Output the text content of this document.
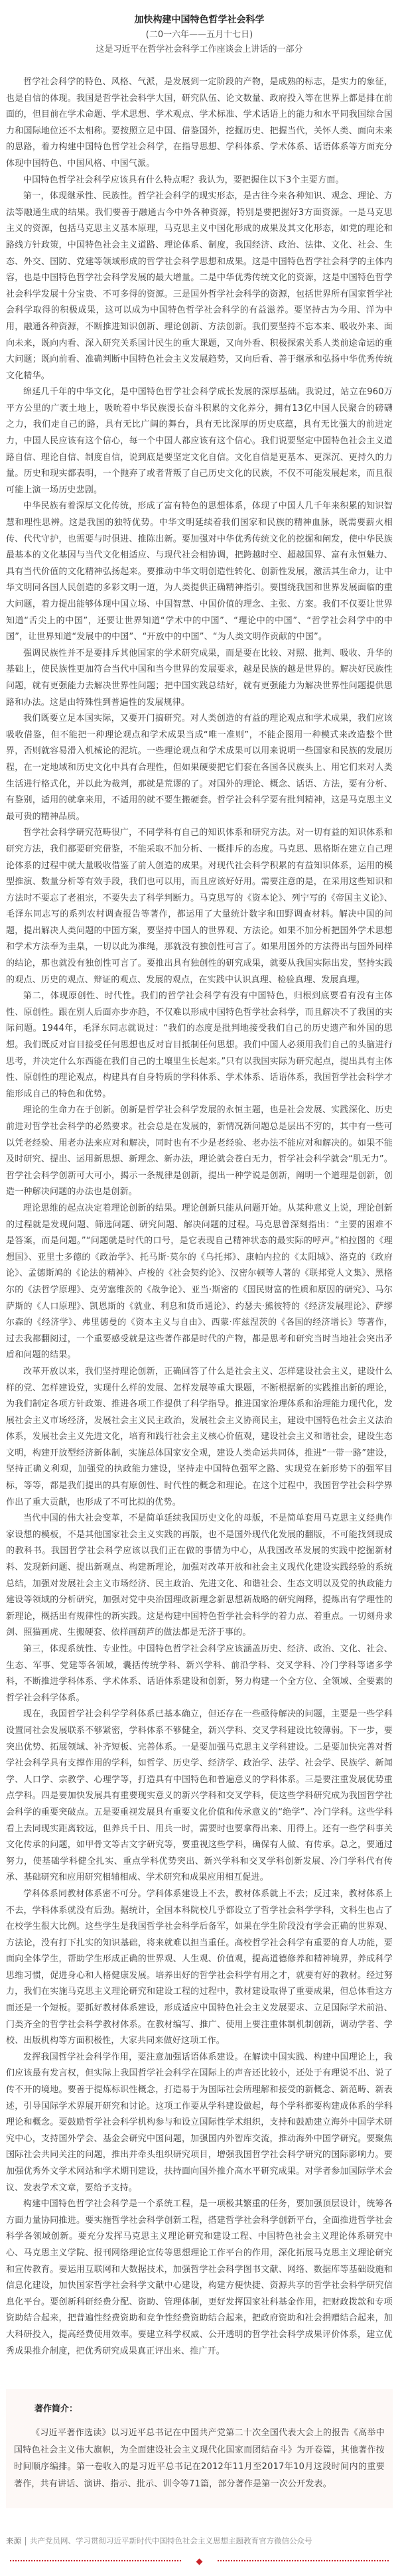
加快构建中国特色哲学社会科学
(二0一六年——五月十七日)
这是习近平在哲学社会科学工作座谈会上讲话的一部分

哲学社会科学的特色、风格、气派，是发展到一定阶段的产物，是成熟的标志，是实力的象征，也是自信的体现。我国是哲学社会科学大国，研究队伍、论文数量、政府投入等在世界上都是排在前面的，但目前在学术命题、学术思想、学术观点、学术标准、学术话语上的能力和水平同我国综合国力和国际地位还不太相称。要按照立足中国、借鉴国外，挖掘历史、把握当代，关怀人类、面向未来的思路，着力构建中国特色哲学社会科学，在指导思想、学科体系、学术体系、话语体系等方面充分体现中国特色、中国风格、中国气派。

中国特色哲学社会科学应该具有什么特点呢？我认为，要把握住以下3个主要方面。

第一，体现继承性、民族性。哲学社会科学的现实形态，是古往今来各种知识、观念、理论、方法等融通生成的结果。我们要善于融通古今中外各种资源，特别是要把握好3方面资源。一是马克思主义的资源，包括马克思主义基本原理，马克思主义中国化形成的成果及其文化形态，如党的理论和路线方针政策，中国特色社会主义道路、理论体系、制度，我国经济、政治、法律、文化、社会、生态、外交、国防、党建等领域形成的哲学社会科学思想和成果。这是中国特色哲学社会科学的主体内容，也是中国特色哲学社会科学发展的最大增量。二是中华优秀传统文化的资源，这是中国特色哲学社会科学发展十分宝贵、不可多得的资源。三是国外哲学社会科学的资源，包括世界所有国家哲学社会科学取得的积极成果，这可以成为中国特色哲学社会科学的有益滋养。要坚持古为今用、洋为中用，融通各种资源，不断推进知识创新、理论创新、方法创新。我们要坚持不忘本来、吸收外来、面向未来，既向内看、深入研究关系国计民生的重大课题，又向外看、积极探索关系人类前途命运的重大问题；既向前看、准确判断中国特色社会主义发展趋势，又向后看、善于继承和弘扬中华优秀传统文化精华。

绵延几千年的中华文化，是中国特色哲学社会科学成长发展的深厚基础。我说过，站立在960万平方公里的广袤土地上，吸吮着中华民族漫长奋斗积累的文化养分，拥有13亿中国人民聚合的磅礴之力，我们走自己的路，具有无比广阔的舞台，具有无比深厚的历史底蕴，具有无比强大的前进定力，中国人民应该有这个信心，每一个中国人都应该有这个信心。我们说要坚定中国特色社会主义道路自信、理论自信、制度自信，说到底是要坚定文化自信。文化自信是更基本、更深沉、更持久的力量。历史和现实都表明，一个抛弃了或者背叛了自己历史文化的民族，不仅不可能发展起来，而且很可能上演一场历史悲剧。

中华民族有着深厚文化传统，形成了富有特色的思想体系，体现了中国人几千年来积累的知识智慧和理性思辨。这是我国的独特优势。中华文明延续着我们国家和民族的精神血脉，既需要薪火相传、代代守护，也需要与时俱进、推陈出新。要加强对中华优秀传统文化的挖掘和阐发，使中华民族最基本的文化基因与当代文化相适应、与现代社会相协调，把跨越时空、超越国界、富有永恒魅力、具有当代价值的文化精神弘扬起来。要推动中华文明创造性转化、创新性发展，激活其生命力，让中华文明同各国人民创造的多彩文明一道，为人类提供正确精神指引。要围绕我国和世界发展面临的重大问题，着力提出能够体现中国立场、中国智慧、中国价值的理念、主张、方案。我们不仅要让世界知道“舌尖上的中国”，还要让世界知道“学术中的中国”、“理论中的中国”、“哲学社会科学中的中国”，让世界知道“发展中的中国”、“开放中的中国”、“为人类文明作贡献的中国”。

强调民族性并不是要排斥其他国家的学术研究成果，而是要在比较、对照、批判、吸收、升华的基础上，使民族性更加符合当代中国和当今世界的发展要求，越是民族的越是世界的。解决好民族性问题，就有更强能力去解决世界性问题；把中国实践总结好，就有更强能力为解决世界性问题提供思路和办法。这是由特殊性到普遍性的发展规律。

我们既要立足本国实际，又要开门搞研究。对人类创造的有益的理论观点和学术成果，我们应该吸收借鉴，但不能把一种理论观点和学术成果当成“唯一准则”，不能企图用一种模式来改造整个世界，否则就容易滑入机械论的泥坑。一些理论观点和学术成果可以用来说明一些国家和民族的发展历程，在一定地域和历史文化中具有合理性，但如果硬要把它们套在各国各民族头上、用它们来对人类生活进行格式化，并以此为裁判，那就是荒谬的了。对国外的理论、概念、话语、方法，要有分析、有鉴别，适用的就拿来用，不适用的就不要生搬硬套。哲学社会科学要有批判精神，这是马克思主义最可贵的精神品质。

哲学社会科学研究范畴很广，不同学科有自己的知识体系和研究方法。对一切有益的知识体系和研究方法，我们都要研究借鉴，不能采取不加分析、一概排斥的态度。马克思、恩格斯在建立自己理论体系的过程中就大量吸收借鉴了前人创造的成果。对现代社会科学积累的有益知识体系，运用的模型推演、数量分析等有效手段，我们也可以用，而且应该好好用。需要注意的是，在采用这些知识和方法时不要忘了老祖宗，不要失去了科学判断力。马克思写的《资本论》、列宁写的《帝国主义论》、毛泽东同志写的系列农村调查报告等著作，都运用了大量统计数字和田野调查材料。解决中国的问题，提出解决人类问题的中国方案，要坚持中国人的世界观、方法论。如果不加分析把国外学术思想和学术方法奉为圭臬，一切以此为准绳，那就没有独创性可言了。如果用国外的方法得出与国外同样的结论，那也就没有独创性可言了。要推出具有独创性的研究成果，就要从我国实际出发，坚持实践的观点、历史的观点、辩证的观点、发展的观点，在实践中认识真理、检验真理、发展真理。

第二，体现原创性、时代性。我们的哲学社会科学有没有中国特色，归根到底要看有没有主体性、原创性。跟在别人后面亦步亦趋，不仅难以形成中国特色哲学社会科学，而且解决不了我国的实际问题。1944年，毛泽东同志就说过：“我们的态度是批判地接受我们自己的历史遗产和外国的思想。我们既反对盲目接受任何思想也反对盲目抵制任何思想。我们中国人必须用我们自己的头脑进行思考，并决定什么东西能在我们自己的土壤里生长起来。”只有以我国实际为研究起点，提出具有主体性、原创性的理论观点，构建具有自身特质的学科体系、学术体系、话语体系，我国哲学社会科学才能形成自己的特色和优势。

理论的生命力在于创新。创新是哲学社会科学发展的永恒主题，也是社会发展、实践深化、历史前进对哲学社会科学的必然要求。社会总是在发展的，新情况新问题总是层出不穷的，其中有一些可以凭老经验、用老办法来应对和解决，同时也有不少是老经验、老办法不能应对和解决的。如果不能及时研究、提出、运用新思想、新理念、新办法，理论就会苍白无力，哲学社会科学就会“肌无力”。哲学社会科学创新可大可小，揭示一条规律是创新，提出一种学说是创新，阐明一个道理是创新，创造一种解决问题的办法也是创新。

理论思维的起点决定着理论创新的结果。理论创新只能从问题开始。从某种意义上说，理论创新的过程就是发现问题、筛选问题、研究问题、解决问题的过程。马克思曾深刻指出：“主要的困难不是答案，而是问题。”“问题就是时代的口号，是它表现自己精神状态的最实际的呼声。”柏拉图的《理想国》、亚里士多德的《政治学》、托马斯·莫尔的《乌托邦》、康帕内拉的《太阳城》、洛克的《政府论》、孟德斯鸠的《论法的精神》、卢梭的《社会契约论》、汉密尔顿等人著的《联邦党人文集》、黑格尔的《法哲学原理》、克劳塞维茨的《战争论》、亚当·斯密的《国民财富的性质和原因的研究》、马尔萨斯的《人口原理》、凯恩斯的《就业、利息和货币通论》、约瑟夫·熊彼特的《经济发展理论》、萨缪尔森的《经济学》、弗里德曼的《资本主义与自由》、西蒙·库兹涅茨的《各国的经济增长》等著作，过去我都翻阅过，一个重要感受就是这些著作都是时代的产物，都是思考和研究当时当地社会突出矛盾和问题的结果。

改革开放以来，我们坚持理论创新，正确回答了什么是社会主义、怎样建设社会主义，建设什么样的党、怎样建设党，实现什么样的发展、怎样发展等重大课题，不断根据新的实践推出新的理论，为我们制定各项方针政策、推进各项工作提供了科学指导。推进国家治理体系和治理能力现代化，发展社会主义市场经济，发展社会主义民主政治，发展社会主义协商民主，建设中国特色社会主义法治体系，发展社会主义先进文化，培育和践行社会主义核心价值观，建设社会主义和谐社会，建设生态文明，构建开放型经济新体制，实施总体国家安全观，建设人类命运共同体，推进“一带一路”建设，坚持正确义利观，加强党的执政能力建设，坚持走中国特色强军之路、实现党在新形势下的强军目标，等等，都是我们提出的具有原创性、时代性的概念和理论。在这个过程中，我国哲学社会科学界作出了重大贡献，也形成了不可比拟的优势。

当代中国的伟大社会变革，不是简单延续我国历史文化的母版，不是简单套用马克思主义经典作家设想的模板，不是其他国家社会主义实践的再版，也不是国外现代化发展的翻版，不可能找到现成的教科书。我国哲学社会科学应该以我们正在做的事情为中心，从我国改革发展的实践中挖掘新材料、发现新问题、提出新观点、构建新理论，加强对改革开放和社会主义现代化建设实践经验的系统总结，加强对发展社会主义市场经济、民主政治、先进文化、和谐社会、生态文明以及党的执政能力建设等领域的分析研究，加强对党中央治国理政新理念新思想新战略的研究阐释，提炼出有学理性的新理论，概括出有规律性的新实践。这是构建中国特色哲学社会科学的着力点、着重点。一切刻舟求剑、照猫画虎、生搬硬套、依样画葫芦的做法都是无济于事的。

第三，体现系统性、专业性。中国特色哲学社会科学应该涵盖历史、经济、政治、文化、社会、生态、军事、党建等各领域，囊括传统学科、新兴学科、前沿学科、交叉学科、冷门学科等诸多学科，不断推进学科体系、学术体系、话语体系建设和创新，努力构建一个全方位、全领域、全要素的哲学社会科学体系。

现在，我国哲学社会科学学科体系已基本确立，但还存在一些亟待解决的问题，主要是一些学科设置同社会发展联系不够紧密，学科体系不够健全，新兴学科、交叉学科建设比较薄弱。下一步，要突出优势、拓展领域、补齐短板、完善体系。一是要加强马克思主义学科建设。二是要加快完善对哲学社会科学具有支撑作用的学科，如哲学、历史学、经济学、政治学、法学、社会学、民族学、新闻学、人口学、宗教学、心理学等，打造具有中国特色和普遍意义的学科体系。三是要注重发展优势重点学科。四是要加快发展具有重要现实意义的新兴学科和交叉学科，使这些学科研究成为我国哲学社会科学的重要突破点。五是要重视发展具有重要文化价值和传承意义的“绝学”、冷门学科。这些学科看上去同现实距离较远，但养兵千日、用兵一时，需要时也要拿得出来、用得上。还有一些学科事关文化传承的问题，如甲骨文等古文字研究等，要重视这些学科，确保有人做、有传承。总之，要通过努力，使基础学科健全扎实、重点学科优势突出、新兴学科和交叉学科创新发展、冷门学科代有传承、基础研究和应用研究相辅相成、学术研究和成果应用相互促进。

学科体系同教材体系密不可分。学科体系建设上不去，教材体系就上不去；反过来，教材体系上不去，学科体系就没有后劲。据统计，全国本科院校几乎都设立了哲学社会科学学科，文科生也占了在校学生很大比例。这些学生是我国哲学社会科学后备军，如果在学生阶段没有学会正确的世界观、方法论，没有打下扎实的知识基础，将来就难以担当重任。高校哲学社会科学有重要的育人功能，要面向全体学生，帮助学生形成正确的世界观、人生观、价值观，提高道德修养和精神境界，养成科学思维习惯，促进身心和人格健康发展。培养出好的哲学社会科学有用之才，就要有好的教材。经过努力，我们在实施马克思主义理论研究和建设工程的过程中，教材建设取得了重要成果，但总体看这方面还是一个短板。要抓好教材体系建设，形成适应中国特色社会主义发展要求、立足国际学术前沿、门类齐全的哲学社会科学教材体系。在教材编写、推广、使用上要注重体制机制创新，调动学者、学校、出版机构等方面积极性，大家共同来做好这项工作。

发挥我国哲学社会科学作用，要注意加强话语体系建设。在解读中国实践、构建中国理论上，我们应该最有发言权，但实际上我国哲学社会科学在国际上的声音还比较小，还处于有理说不出、说了传不开的境地。要善于提炼标识性概念，打造易于为国际社会所理解和接受的新概念、新范畴、新表述，引导国际学术界展开研究和讨论。这项工作要从学科建设做起，每个学科都要构建成体系的学科理论和概念。要鼓励哲学社会科学机构参与和设立国际性学术组织，支持和鼓励建立海外中国学术研究中心，支持国外学会、基金会研究中国问题，加强国内外智库交流，推动海外中国学研究。要聚焦国际社会共同关注的问题，推出并牵头组织研究项目，增强我国哲学社会科学研究的国际影响力。要加强优秀外文学术网站和学术期刊建设，扶持面向国外推介高水平研究成果。对学者参加国际学术会议、发表学术文章，要给予支持。

构建中国特色哲学社会科学是一个系统工程，是一项极其繁重的任务，要加强顶层设计，统筹各方面力量协同推进。要实施哲学社会科学创新工程，搭建哲学社会科学创新平台，全面推进哲学社会科学各领域创新。要充分发挥马克思主义理论研究和建设工程、中国特色社会主义理论体系研究中心、马克思主义学院、报刊网络理论宣传等思想理论工作平台的作用，深化拓展马克思主义理论研究和宣传教育。要运用互联网和大数据技术，加强哲学社会科学图书文献、网络、数据库等基础设施和信息化建设，加快国家哲学社会科学文献中心建设，构建方便快捷、资源共享的哲学社会科学研究信息化平台。要创新科研经费分配、资助、管理体制，更好发挥国家社科基金作用，把财政拨款和专项资助结合起来，把普遍性经费资助和竞争性经费资助结合起来，把政府资助和社会捐赠结合起来，加大科研投入，提高经费使用效率。要建立科学权威、公开透明的哲学社会科学成果评价体系，建立优秀成果推介制度，把优秀研究成果真正评出来、推广开。

著作简介：

《习近平著作选读》以习近平总书记在中国共产党第二十次全国代表大会上的报告《高举中国特色社会主义伟大旗帜，为全面建设社会主义现代化国家而团结奋斗》为开卷篇，其他著作按时间顺序编排。第一卷收入的是习近平总书记在2012年11月至2017年10月这段时间内的重要著作，共有讲话、演讲、指示、批示、训令等71篇，部分著作是第一次公开发表。

来源 共产党员网、学习贯彻习近平新时代中国特色社会主义思想主题教育官方微信公众号
